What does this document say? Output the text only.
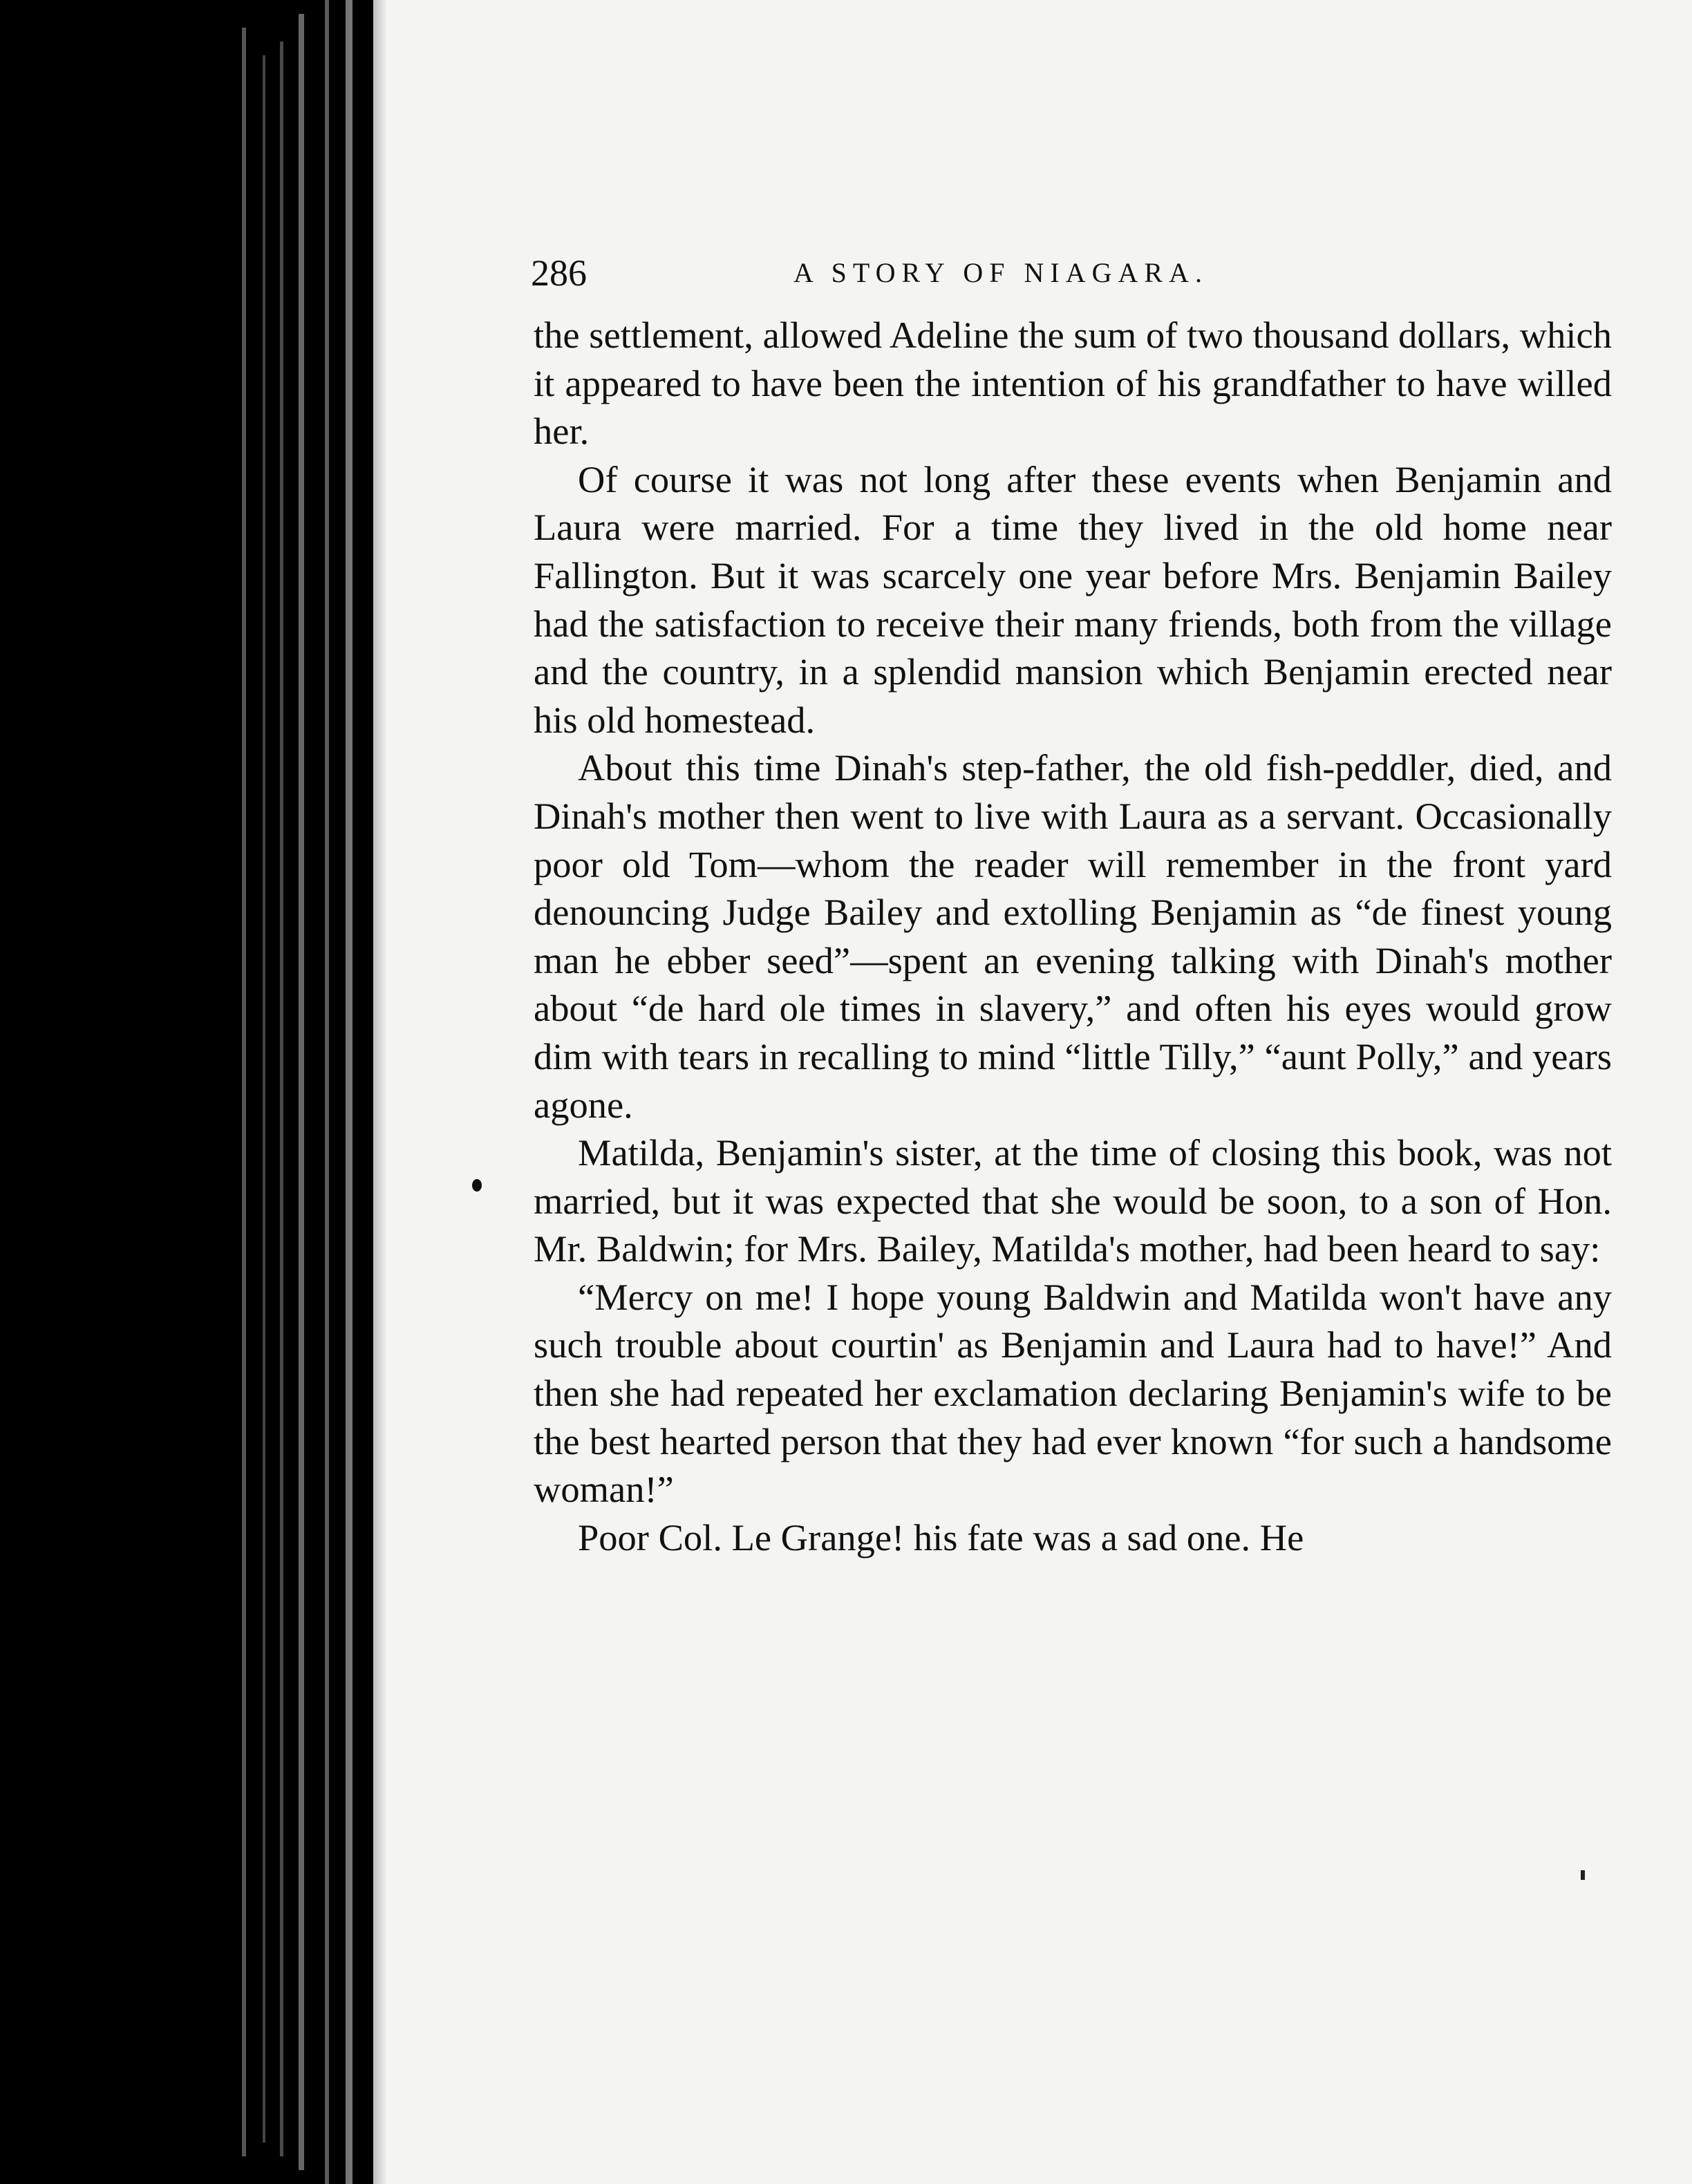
286	A STORY OF NIAGARA.

the settlement, allowed Adeline the sum of two thousand dollars, which it appeared to have been the intention of his grandfather to have willed her.

Of course it was not long after these events when Benjamin and Laura were married. For a time they lived in the old home near Fallington. But it was scarcely one year before Mrs. Benjamin Bailey had the satisfaction to receive their many friends, both from the village and the country, in a splendid mansion which Benjamin erected near his old homestead.

About this time Dinah's step-father, the old fish-peddler, died, and Dinah's mother then went to live with Laura as a servant. Occasionally poor old Tom—whom the reader will remember in the front yard denouncing Judge Bailey and extolling Benjamin as “de finest young man he ebber seed”—spent an evening talking with Dinah's mother about “de hard ole times in slavery,” and often his eyes would grow dim with tears in recalling to mind “little Tilly,” “aunt Polly,” and years agone.

Matilda, Benjamin's sister, at the time of closing this book, was not married, but it was expected that she would be soon, to a son of Hon. Mr. Baldwin; for Mrs. Bailey, Matilda's mother, had been heard to say:

“Mercy on me! I hope young Baldwin and Matilda won't have any such trouble about courtin' as Benjamin and Laura had to have!” And then she had repeated her exclamation declaring Benjamin's wife to be the best hearted person that they had ever known “for such a handsome woman!”

Poor Col. Le Grange! his fate was a sad one. He
